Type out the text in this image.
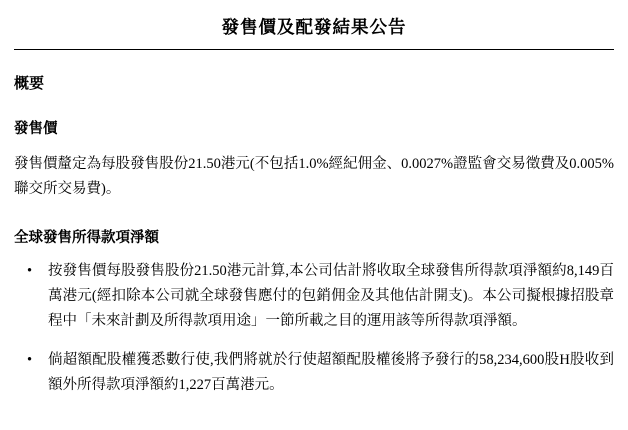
發售價及配發結果公告
概要
發售價

發售價釐定為每股發售股份21.50港元(不包括1.0%經紀佣金、0.0027%證監會交易徵費及0.005%聯交所交易費)。

全球發售所得款項淨額
• 按發售價每股發售股份21.50港元計算,本公司估計將收取全球發售所得款項淨額約8,149百萬港元(經扣除本公司就全球發售應付的包銷佣金及其他估計開支)。本公司擬根據招股章程中「未來計劃及所得款項用途」一節所載之目的運用該等所得款項淨額。
• 倘超額配股權獲悉數行使,我們將就於行使超額配股權後將予發行的58,234,600股H股收到額外所得款項淨額約1,227百萬港元。
